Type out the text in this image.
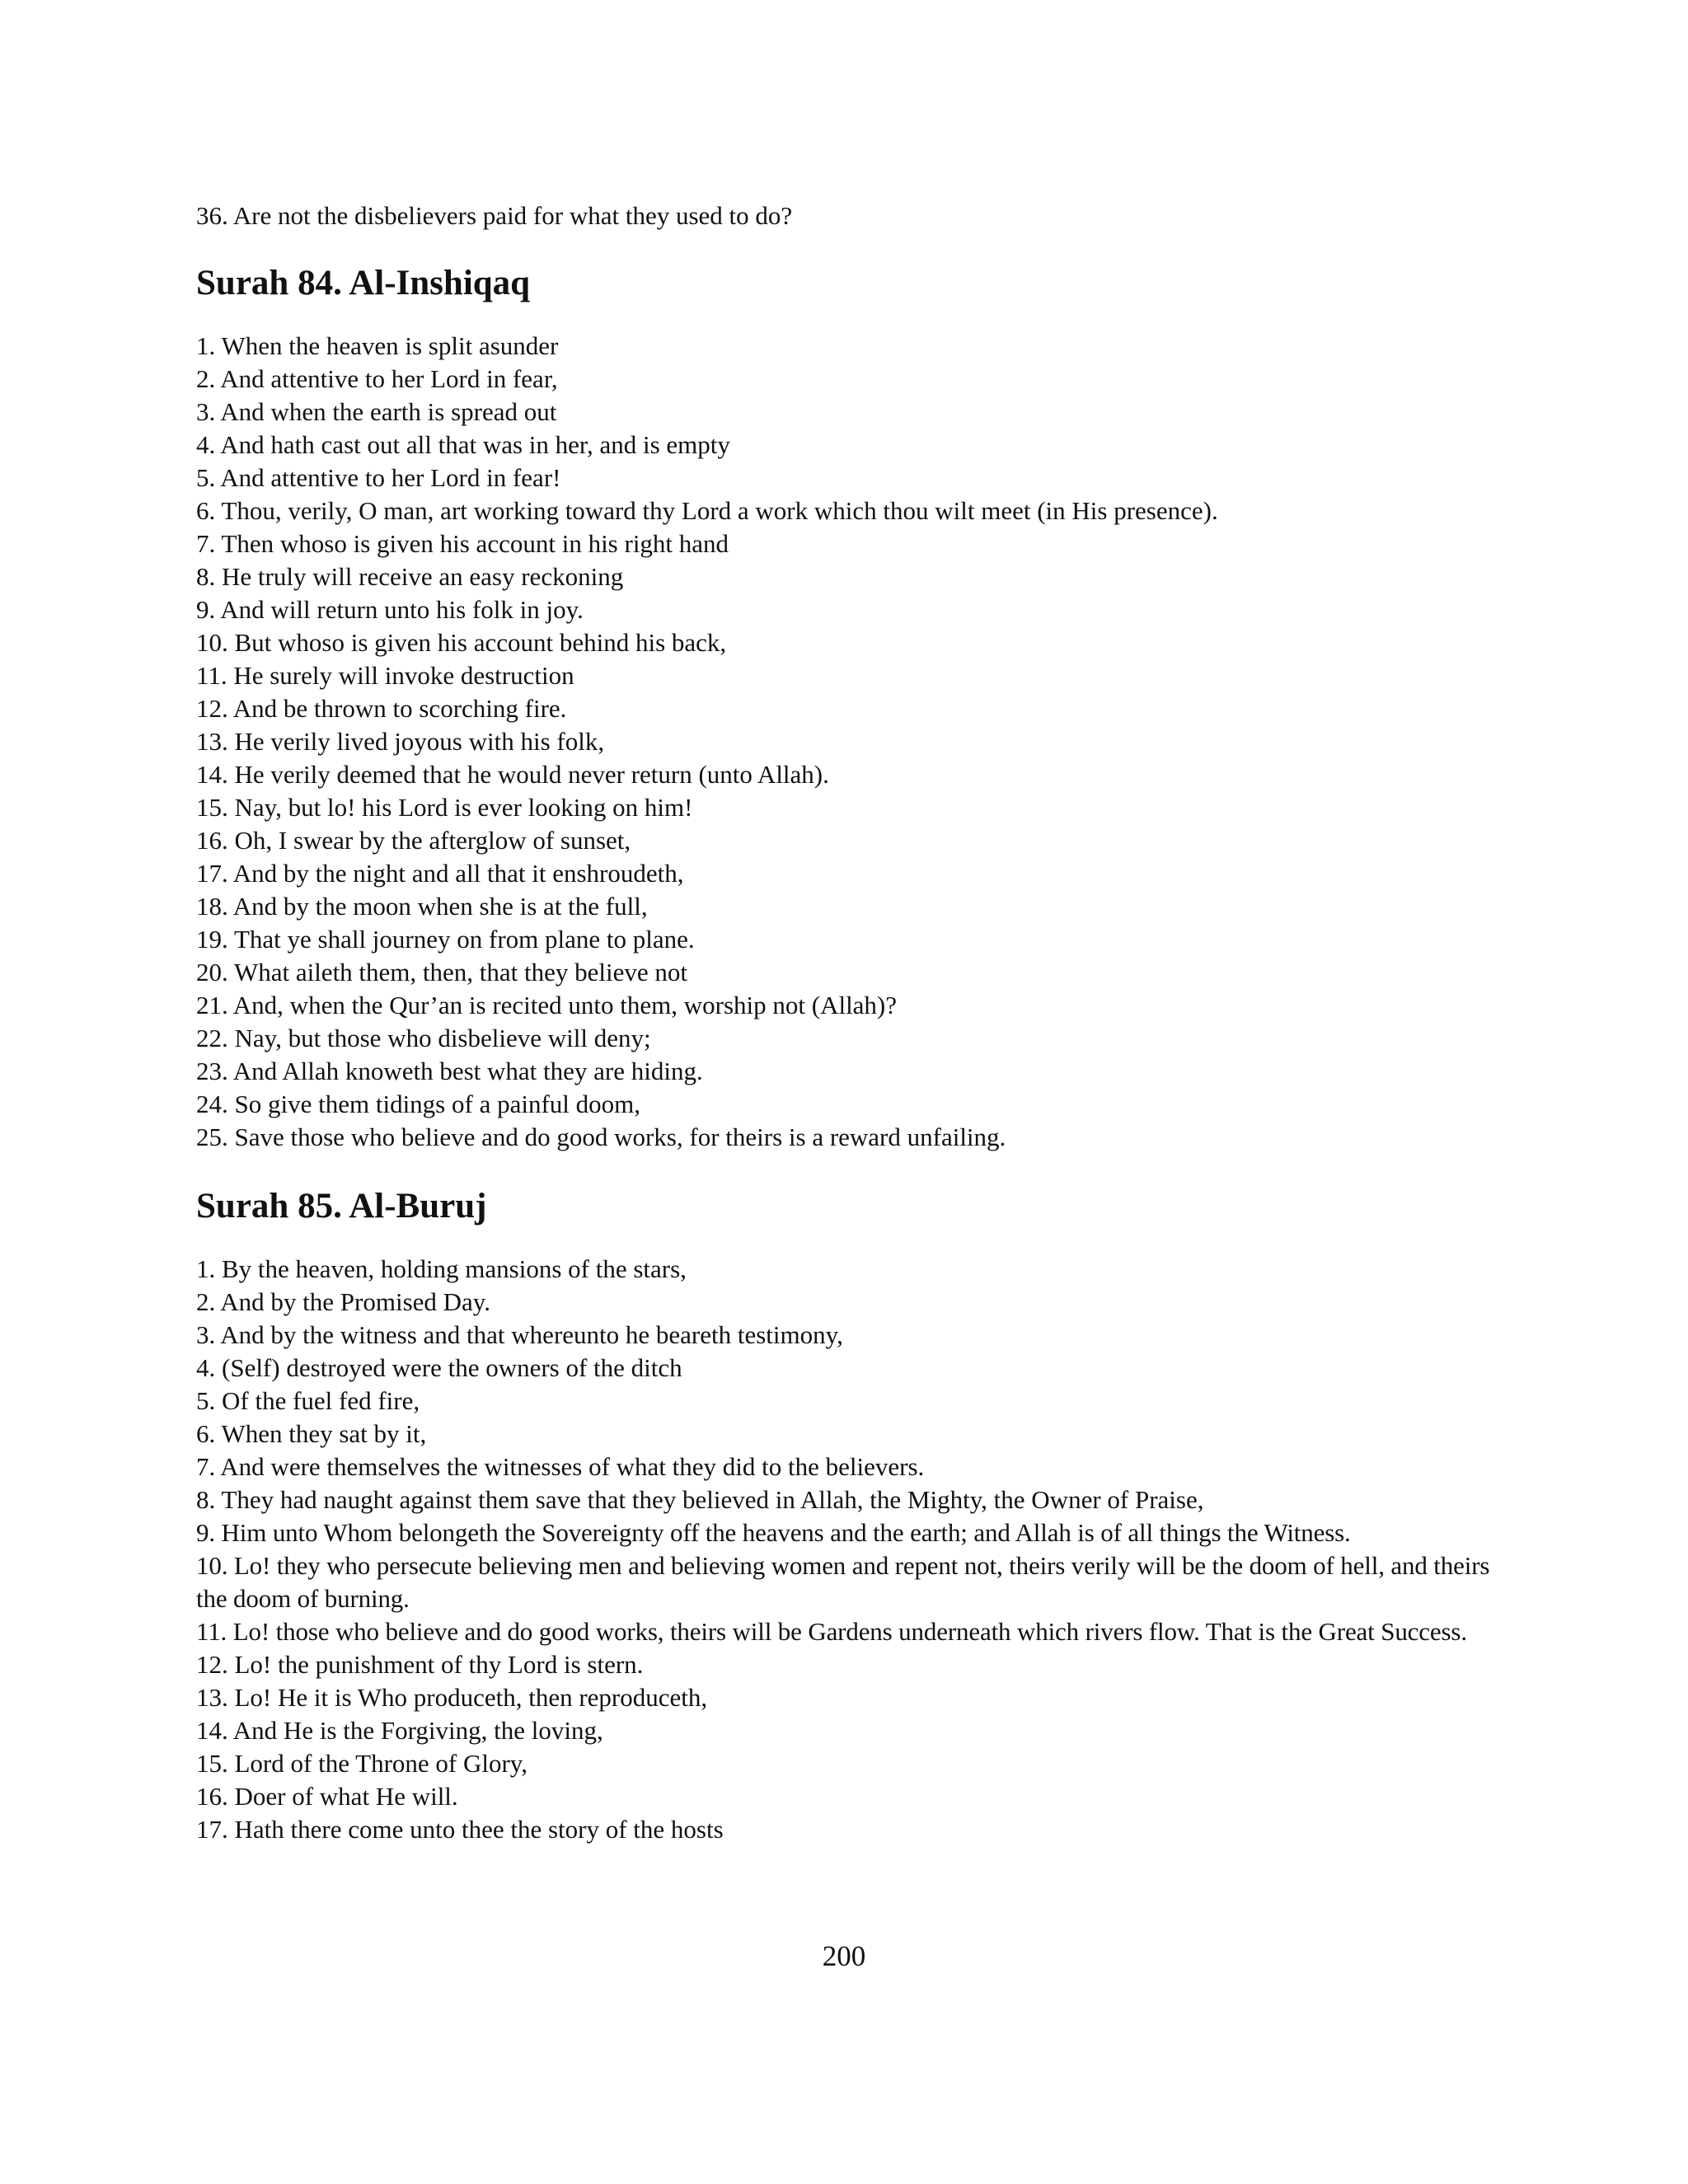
36. Are not the disbelievers paid for what they used to do?

Surah 84. Al-Inshiqaq

1. When the heaven is split asunder

2. And attentive to her Lord in fear,

3. And when the earth is spread out

4. And hath cast out all that was in her, and is empty

5. And attentive to her Lord in fear!

6. Thou, verily, O man, art working toward thy Lord a work which thou wilt meet (in His presence).

7. Then whoso is given his account in his right hand

8. He truly will receive an easy reckoning

9. And will return unto his folk in joy.

10. But whoso is given his account behind his back,

11. He surely will invoke destruction

12. And be thrown to scorching fire.

13. He verily lived joyous with his folk,

14. He verily deemed that he would never return (unto Allah).

15. Nay, but lo! his Lord is ever looking on him!

16. Oh, I swear by the afterglow of sunset,

17. And by the night and all that it enshroudeth,

18. And by the moon when she is at the full,

19. That ye shall journey on from plane to plane.

20. What aileth them, then, that they believe not

21. And, when the Qur’an is recited unto them, worship not (Allah)?

22. Nay, but those who disbelieve will deny;

23. And Allah knoweth best what they are hiding.

24. So give them tidings of a painful doom,

25. Save those who believe and do good works, for theirs is a reward unfailing.

Surah 85. Al-Buruj

1. By the heaven, holding mansions of the stars,

2. And by the Promised Day.

3. And by the witness and that whereunto he beareth testimony,

4. (Self) destroyed were the owners of the ditch

5. Of the fuel fed fire,

6. When they sat by it,

7. And were themselves the witnesses of what they did to the believers.

8. They had naught against them save that they believed in Allah, the Mighty, the Owner of Praise,

9. Him unto Whom belongeth the Sovereignty off the heavens and the earth; and Allah is of all things the Witness.

10. Lo! they who persecute believing men and believing women and repent not, theirs verily will be the doom of hell, and theirs the doom of burning.

11. Lo! those who believe and do good works, theirs will be Gardens underneath which rivers flow. That is the Great Success.

12. Lo! the punishment of thy Lord is stern.

13. Lo! He it is Who produceth, then reproduceth,

14. And He is the Forgiving, the loving,

15. Lord of the Throne of Glory,

16. Doer of what He will.

17. Hath there come unto thee the story of the hosts

200
